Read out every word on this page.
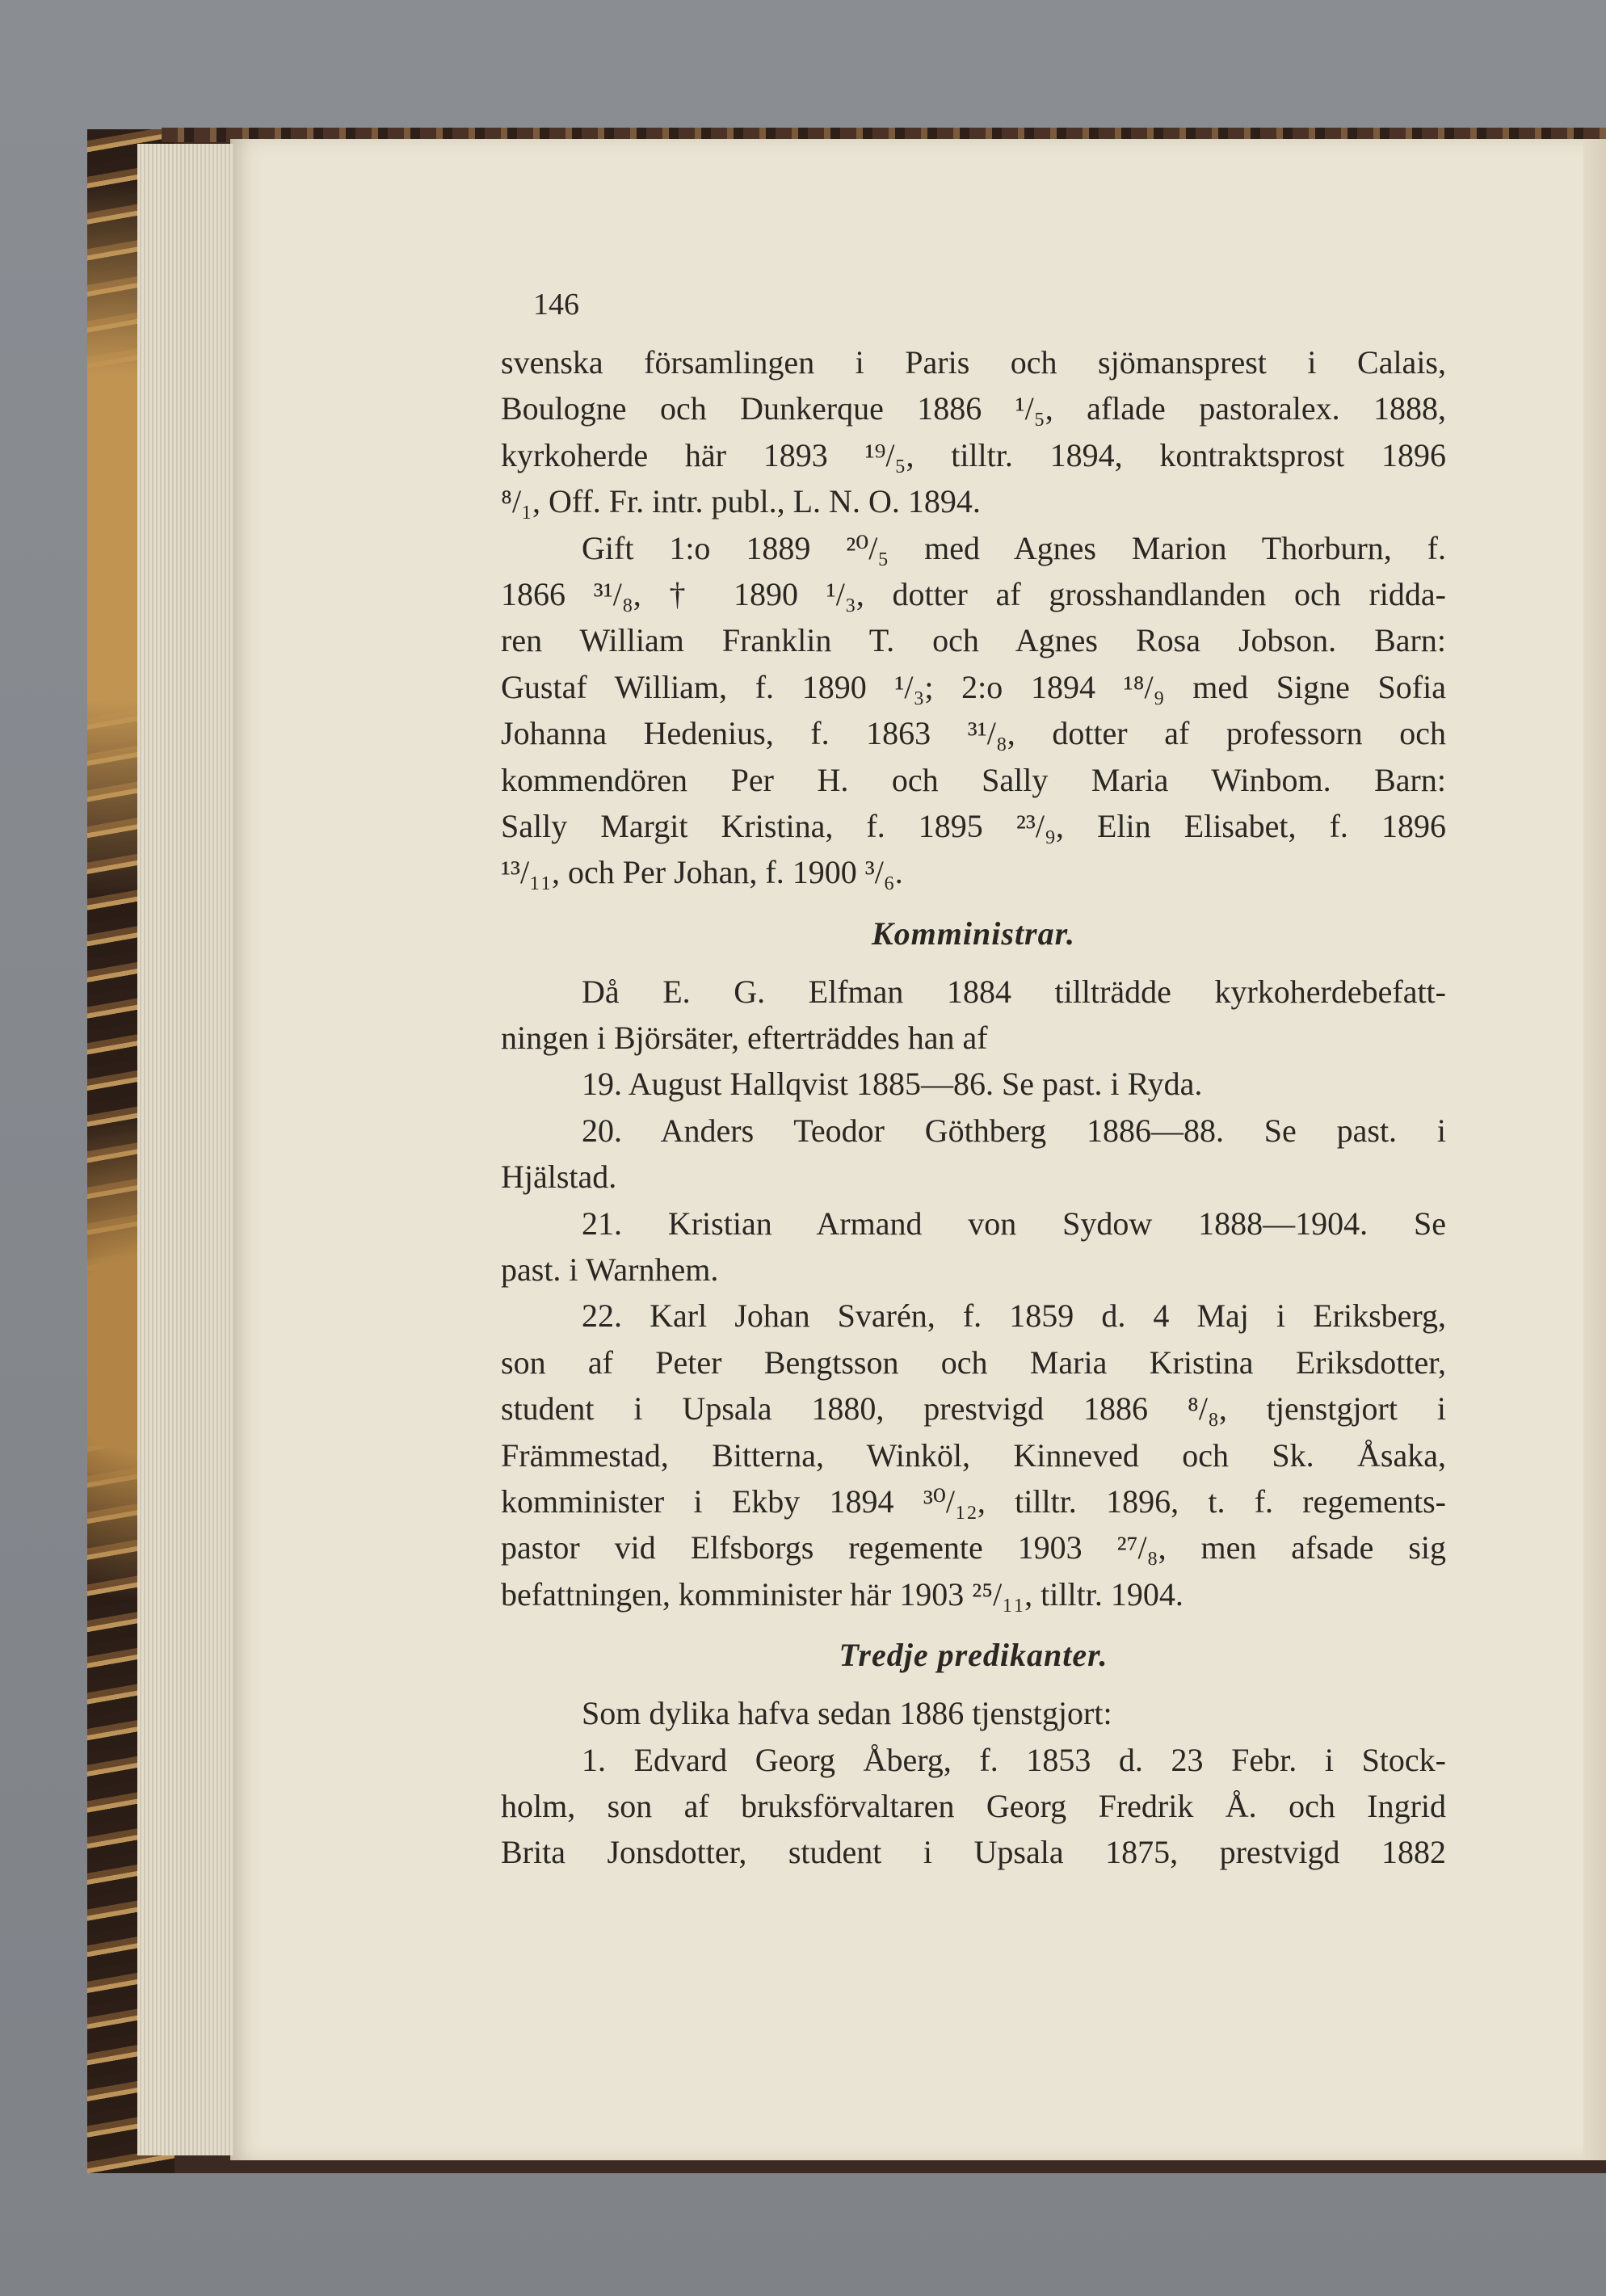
146
svenska församlingen i Paris och sjömansprest i Calais,
Boulogne och Dunkerque 1886 ¹/₅, aflade pastoralex. 1888,
kyrkoherde här 1893 ¹⁹/₅, tilltr. 1894, kontraktsprost 1896
⁸/₁, Off. Fr. intr. publ., L. N. O. 1894.
Gift 1:o 1889 ²⁰/₅ med Agnes Marion Thorburn, f.
1866 ³¹/₈, † 1890 ¹/₃, dotter af grosshandlanden och ridda-
ren William Franklin T. och Agnes Rosa Jobson. Barn:
Gustaf William, f. 1890 ¹/₃; 2:o 1894 ¹⁸/₉ med Signe Sofia
Johanna Hedenius, f. 1863 ³¹/₈, dotter af professorn och
kommendören Per H. och Sally Maria Winbom. Barn:
Sally Margit Kristina, f. 1895 ²³/₉, Elin Elisabet, f. 1896
¹³/₁₁, och Per Johan, f. 1900 ³/₆.
Komministrar.
Då E. G. Elfman 1884 tillträdde kyrkoherdebefatt-
ningen i Björsäter, efterträddes han af
19. August Hallqvist 1885—86. Se past. i Ryda.
20. Anders Teodor Göthberg 1886—88. Se past. i
Hjälstad.
21. Kristian Armand von Sydow 1888—1904. Se
past. i Warnhem.
22. Karl Johan Svarén, f. 1859 d. 4 Maj i Eriksberg,
son af Peter Bengtsson och Maria Kristina Eriksdotter,
student i Upsala 1880, prestvigd 1886 ⁸/₈, tjenstgjort i
Främmestad, Bitterna, Winköl, Kinneved och Sk. Åsaka,
komminister i Ekby 1894 ³⁰/₁₂, tilltr. 1896, t. f. regements-
pastor vid Elfsborgs regemente 1903 ²⁷/₈, men afsade sig
befattningen, komminister här 1903 ²⁵/₁₁, tilltr. 1904.
Tredje predikanter.
Som dylika hafva sedan 1886 tjenstgjort:
1. Edvard Georg Åberg, f. 1853 d. 23 Febr. i Stock-
holm, son af bruksförvaltaren Georg Fredrik Å. och Ingrid
Brita Jonsdotter, student i Upsala 1875, prestvigd 1882
